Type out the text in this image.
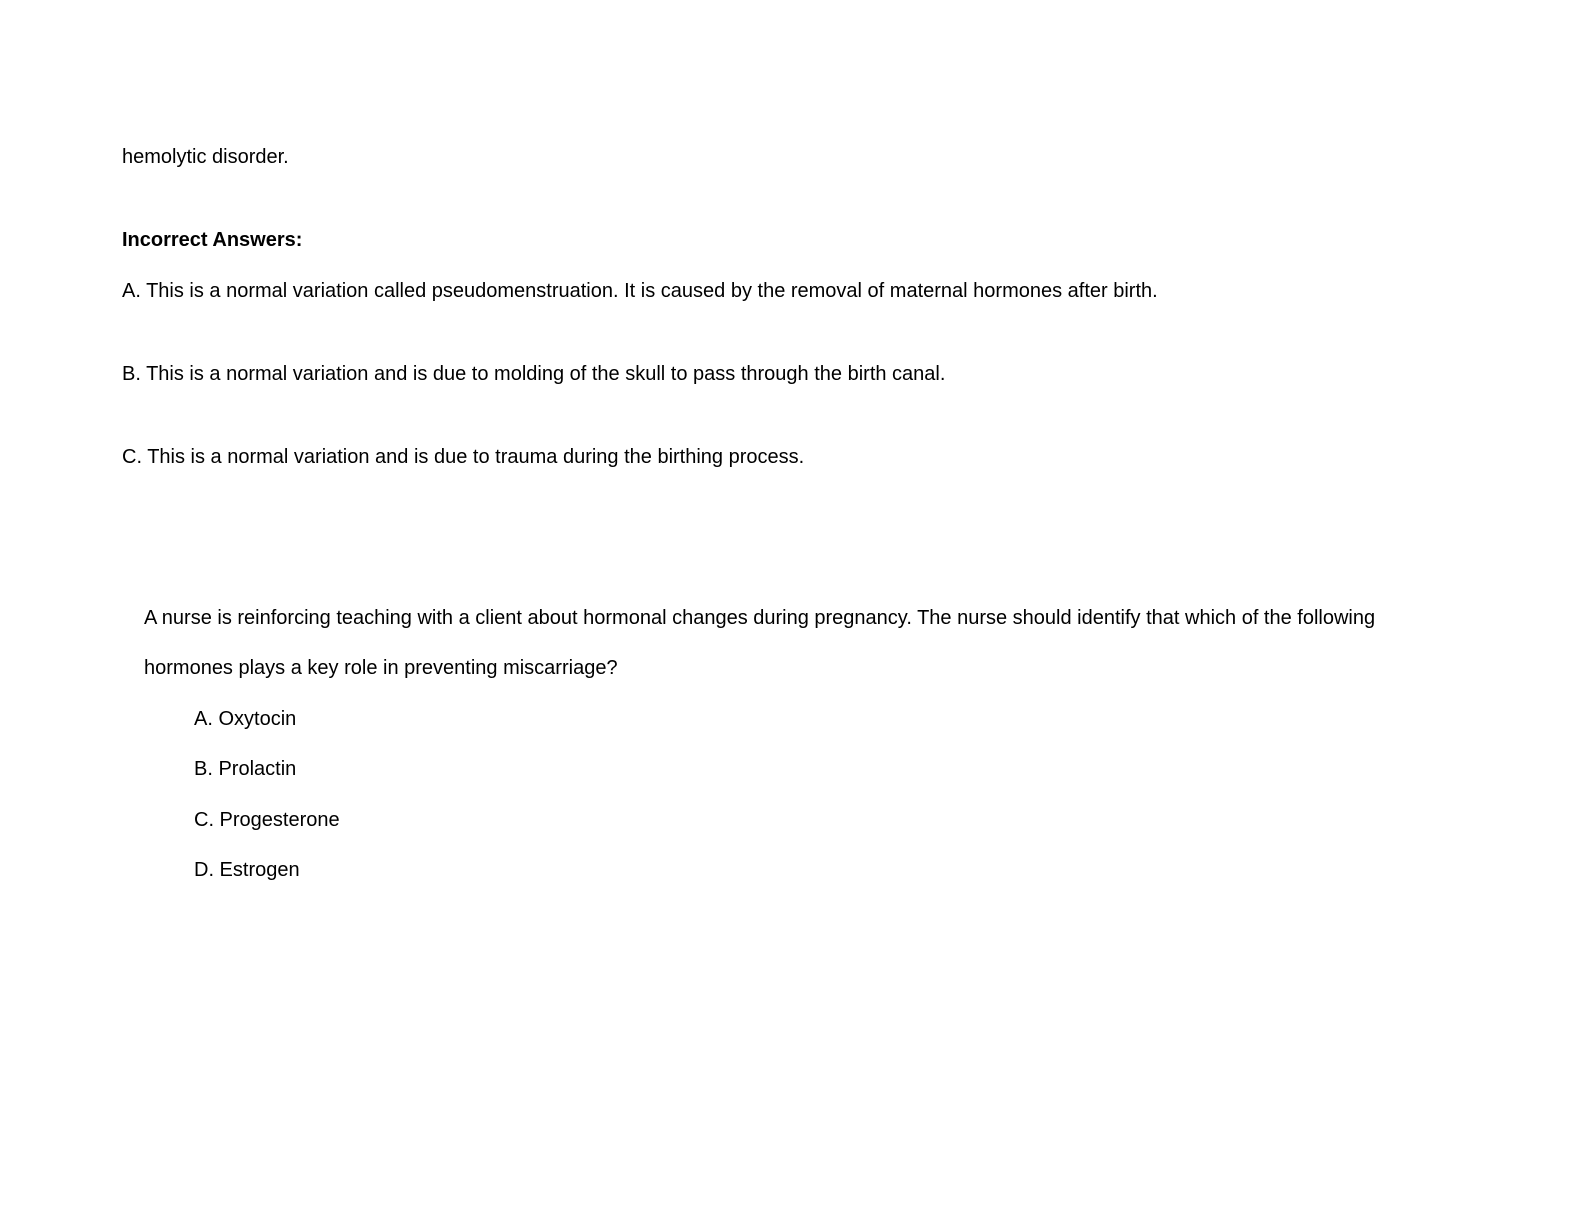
hemolytic disorder.
Incorrect Answers:
A. This is a normal variation called pseudomenstruation. It is caused by the removal of maternal hormones after birth.
B. This is a normal variation and is due to molding of the skull to pass through the birth canal.
C. This is a normal variation and is due to trauma during the birthing process.
A nurse is reinforcing teaching with a client about hormonal changes during pregnancy. The nurse should identify that which of the following
hormones plays a key role in preventing miscarriage?
A. Oxytocin
B. Prolactin
C. Progesterone
D. Estrogen
